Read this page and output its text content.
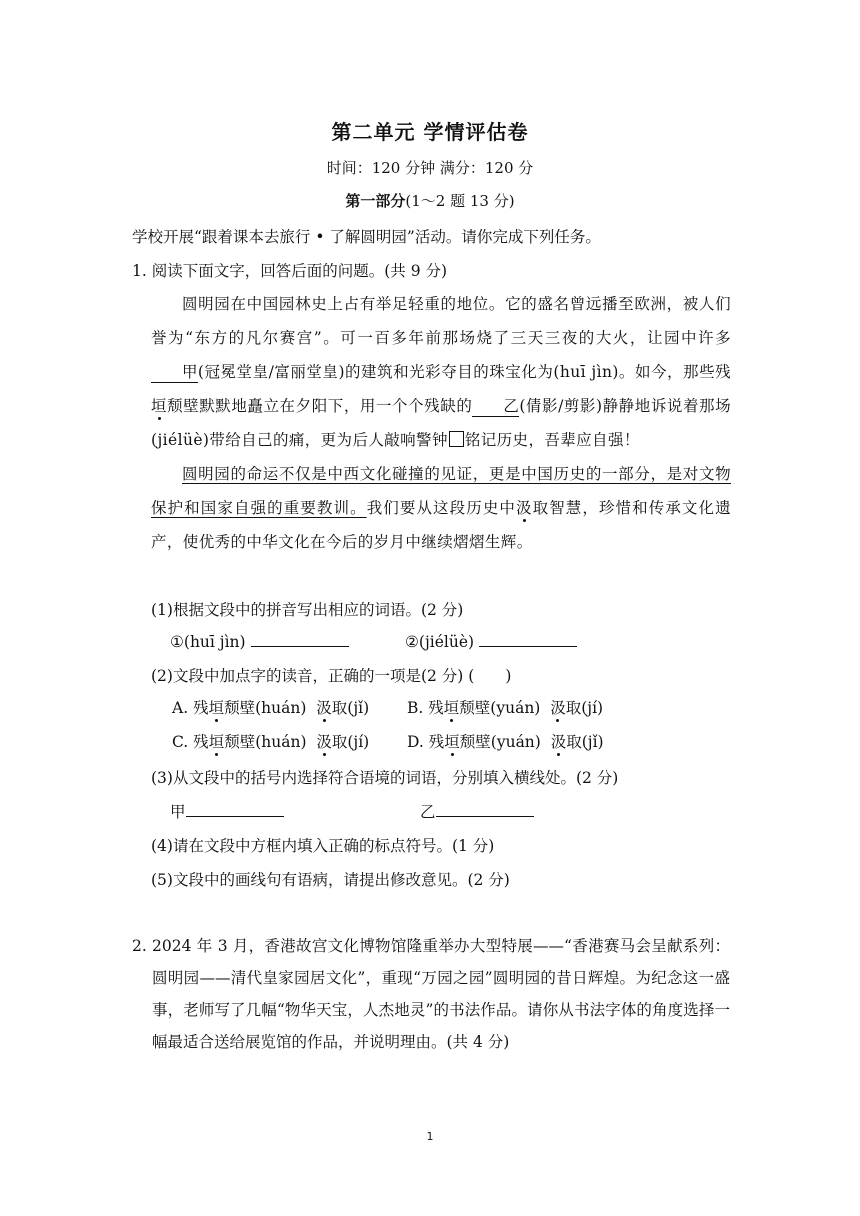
第二单元 学情评估卷
时间：120 分钟 满分：120 分
第一部分(1～2 题 13 分)
学校开展“跟着课本去旅行 • 了解圆明园”活动。请你完成下列任务。
1. 阅读下面文字，回答后面的问题。(共 9 分)

圆明园在中国园林史上占有举足轻重的地位。它的盛名曾远播至欧洲，被人们誉为“东方的凡尔赛宫”。可一百多年前那场烧了三天三夜的大火，让园中许多甲(冠冕堂皇/富丽堂皇)的建筑和光彩夺目的珠宝化为(huī jìn)。如今，那些残垣颓壁默默地矗立在夕阳下，用一个个残缺的 乙(倩影/剪影)静静地诉说着那场(jiélüè)带给自己的痛，更为后人敲响警钟 铭记历史，吾辈应自强！

圆明园的命运不仅是中西文化碰撞的见证，更是中国历史的一部分，是对文物保护和国家自强的重要教训。我们要从这段历史中汲取智慧，珍惜和传承文化遗产，使优秀的中华文化在今后的岁月中继续熠熠生辉。

(1)根据文段中的拼音写出相应的词语。(2 分)
①(huī jìn)	②(jiélüè)
(2)文段中加点字的读音，正确的一项是(2 分) (　　)
A. 残垣颓壁(huán) 汲取(jǐ) B. 残垣颓壁(yuán) 汲取(jí)
C. 残垣颓壁(huán) 汲取(jí) D. 残垣颓壁(yuán) 汲取(jǐ)
(3)从文段中的括号内选择符合语境的词语，分别填入横线处。(2 分)
甲	乙
(4)请在文段中方框内填入正确的标点符号。(1 分)
(5)文段中的画线句有语病，请提出修改意见。(2 分)

2. 2024 年 3 月，香港故宫文化博物馆隆重举办大型特展——“香港赛马会呈献系列：圆明园——清代皇家园居文化”，重现“万园之园”圆明园的昔日辉煌。为纪念这一盛事，老师写了几幅“物华天宝，人杰地灵”的书法作品。请你从书法字体的角度选择一幅最适合送给展览馆的作品，并说明理由。(共 4 分)

1
